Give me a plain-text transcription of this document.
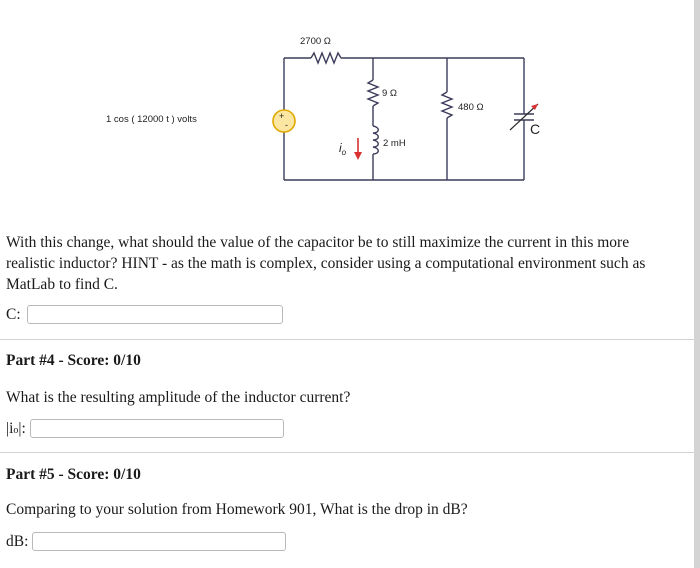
+
-
1 cos ( 12000 t ) volts
2700 Ω
9 Ω
480 Ω
2 mH
C
$i_o$
With this change, what should the value of the capacitor be to still maximize the current in this more realistic inductor? HINT - as the math is complex, consider using a computational environment such as MatLab to find C.
C:
Part #4 - Score: 0/10
What is the resulting amplitude of the inductor current?
|i o |:
Part #5 - Score: 0/10
Comparing to your solution from Homework 901, What is the drop in dB?
dB:
